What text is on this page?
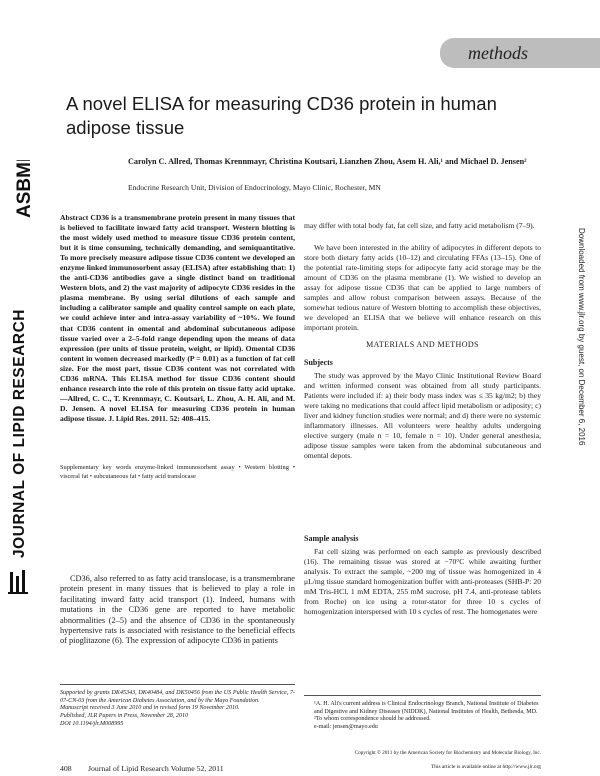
methods
ASBMB
JOURNAL OF LIPID RESEARCH
A novel ELISA for measuring CD36 protein in human adipose tissue
Carolyn C. Allred, Thomas Krennmayr, Christina Koutsari, Lianzhen Zhou, Asem H. Ali,¹ and Michael D. Jensen²
Endocrine Research Unit, Division of Endocrinology, Mayo Clinic, Rochester, MN
Abstract CD36 is a transmembrane protein present in many tissues that is believed to facilitate inward fatty acid transport. Western blotting is the most widely used method to measure tissue CD36 protein content, but it is time consuming, technically demanding, and semiquantitative. To more precisely measure adipose tissue CD36 content we developed an enzyme linked immunosorbent assay (ELISA) after establishing that: 1) the anti-CD36 antibodies gave a single distinct band on traditional Western blots, and 2) the vast majority of adipocyte CD36 resides in the plasma membrane. By using serial dilutions of each sample and including a calibrator sample and quality control sample on each plate, we could achieve inter and intra-assay variability of ~10%. We found that CD36 content in omental and abdominal subcutaneous adipose tissue varied over a 2–5-fold range depending upon the means of data expression (per units of tissue protein, weight, or lipid). Omental CD36 content in women decreased markedly (P = 0.01) as a function of fat cell size. For the most part, tissue CD36 content was not correlated with CD36 mRNA. This ELISA method for tissue CD36 content should enhance research into the role of this protein on tissue fatty acid uptake.—Allred, C. C., T. Krennmayr, C. Koutsari, L. Zhou, A. H. Ali, and M. D. Jensen. A novel ELISA for measuring CD36 protein in human adipose tissue. J. Lipid Res. 2011. 52: 408–415.
Supplementary key words enzyme-linked immunosorbent assay • Western blotting • visceral fat • subcutaneous fat • fatty acid translocase
CD36, also referred to as fatty acid translocase, is a transmembrane protein present in many tissues that is believed to play a role in facilitating inward fatty acid transport (1). Indeed, humans with mutations in the CD36 gene are reported to have metabolic abnormalities (2–5) and the absence of CD36 in the spontaneously hypertensive rats is associated with resistance to the beneficial effects of pioglitazone (6). The expression of adipocyte CD36 in patients
Supported by grants DK45343, DK40484, and DK50456 from the US Public Health Service, 7-07-CN-03 from the American Diabetes Association, and by the Mayo Foundation.
Manuscript received 3 June 2010 and in revised form 19 November 2010.
Published, JLR Papers in Press, November 28, 2010
DOI 10.1194/jlr.M008995
may differ with total body fat, fat cell size, and fatty acid metabolism (7–9).
We have been interested in the ability of adipocytes in different depots to store both dietary fatty acids (10–12) and circulating FFAs (13–15). One of the potential rate-limiting steps for adipocyte fatty acid storage may be the amount of CD36 on the plasma membrane (1). We wished to develop an assay for adipose tissue CD36 that can be applied to large numbers of samples and allow robust comparison between assays. Because of the somewhat tedious nature of Western blotting to accomplish these objectives, we developed an ELISA that we believe will enhance research on this important protein.
MATERIALS AND METHODS
Subjects
The study was approved by the Mayo Clinic Institutional Review Board and written informed consent was obtained from all study participants. Patients were included if: a) their body mass index was ≤ 35 kg/m2; b) they were taking no medications that could affect lipid metabolism or adiposity; c) liver and kidney function studies were normal; and d) there were no systemic inflammatory illnesses. All volunteers were healthy adults undergoing elective surgery (male n = 10, female n = 10). Under general anesthesia, adipose tissue samples were taken from the abdominal subcutaneous and omental depots.
Sample analysis
Fat cell sizing was performed on each sample as previously described (16). The remaining tissue was stored at −70°C while awaiting further analysis. To extract the sample, ~200 mg of tissue was homogenized in 4 μL/mg tissue standard homogenization buffer with anti-proteases (SHB-P: 20 mM Tris-HCl, 1 mM EDTA, 255 mM sucrose, pH 7.4, anti-protease tablets from Roche) on ice using a rotor-stator for three 10 s cycles of homogenization interspersed with 10 s cycles of rest. The homogenates were
¹A. H. Ali's current address is Clinical Endocrinology Branch, National Institute of Diabetes and Digestive and Kidney Diseases (NIDDK), National Institutes of Health, Bethesda, MD.
²To whom correspondence should be addressed.
e-mail: jensen@mayo.edu
Copyright © 2011 by the American Society for Biochemistry and Molecular Biology, Inc.
408 Journal of Lipid Research Volume 52, 2011	This article is available online at http://www.jlr.org
Downloaded from www.jlr.org by guest, on December 6, 2016
